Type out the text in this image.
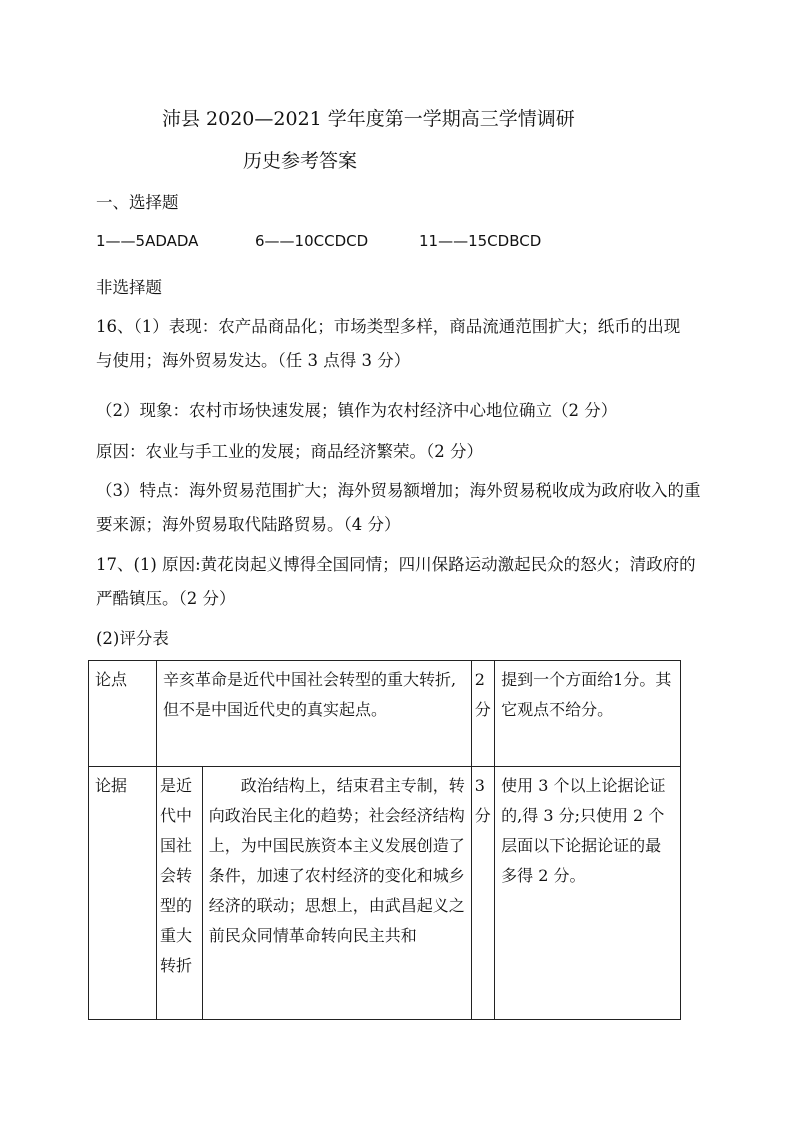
沛县 2020—2021 学年度第一学期高三学情调研
历史参考答案
一、选择题
1——5ADADA	6——10CCDCD	11——15CDBCD
非选择题
16、（1）表现：农产品商品化；市场类型多样，商品流通范围扩大；纸币的出现与使用；海外贸易发达。（任 3 点得 3 分）
（2）现象：农村市场快速发展；镇作为农村经济中心地位确立（2 分）
原因：农业与手工业的发展；商品经济繁荣。（2 分）
（3）特点：海外贸易范围扩大；海外贸易额增加；海外贸易税收成为政府收入的重要来源；海外贸易取代陆路贸易。（4 分）
17、(1) 原因:黄花岗起义博得全国同情；四川保路运动激起民众的怒火；清政府的严酷镇压。（2 分）
(2)评分表
论点	辛亥革命是近代中国社会转型的重大转折,但不是中国近代史的真实起点。		2分	提到一个方面给1分。其它观点不给分。
论据	是近代中国社会转型的重大转折	政治结构上，结束君主专制，转向政治民主化的趋势；社会经济结构上，为中国民族资本主义发展创造了条件，加速了农村经济的变化和城乡经济的联动；思想上，由武昌起义之前民众同情革命转向民主共和	3分	使用 3 个以上论据论证的,得 3 分;只使用 2 个层面以下论据论证的最多得 2 分。
